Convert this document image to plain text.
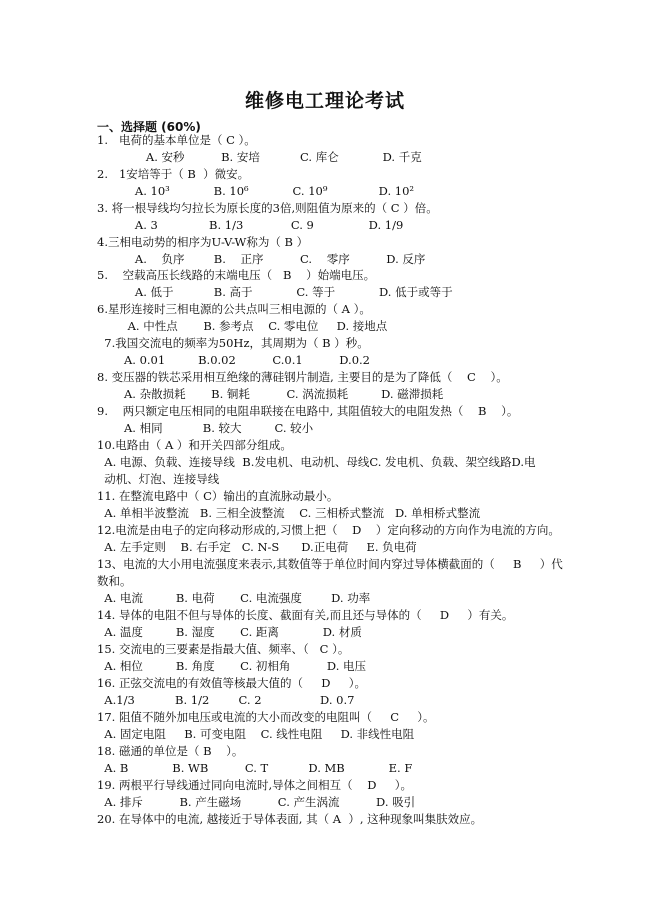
维修电工理论考试
一、选择题 (60%)
1.   电荷的基本单位是（ C ）。
A. 安秒          B. 安培           C. 库仑            D. 千克
2.   1安培等于（ B  ）微安。
A. 10³            B. 10⁶            C. 10⁹              D. 10²
3. 将一根导线均匀拉长为原长度的3倍,则阻值为原来的（ C ）倍。
A. 3              B. 1/3             C. 9               D. 1/9
4.三相电动势的相序为U-V-W称为（ B ）
A.    负序        B.    正序          C.    零序          D. 反序
5.    空载高压长线路的末端电压（   B    ）始端电压。
A. 低于           B. 高于            C. 等于            D. 低于或等于
6.星形连接时三相电源的公共点叫三相电源的（ A ）。
A. 中性点       B. 参考点    C. 零电位     D. 接地点
7.我国交流电的频率为50Hz，其周期为（ B ）秒。
A. 0.01         B.0.02          C.0.1          D.0.2
8. 变压器的铁芯采用相互绝缘的薄硅钢片制造, 主要目的是为了降低（    C    ）。
A. 杂散损耗       B. 铜耗          C. 涡流损耗         D. 磁滞损耗
9.    两只额定电压相同的电阻串联接在电路中, 其阻值较大的电阻发热（    B    ）。
A. 相同           B. 较大         C. 较小
10.电路由（ A ）和开关四部分组成。
A. 电源、负载、连接导线  B.发电机、电动机、母线C. 发电机、负载、架空线路D.电
动机、灯泡、连接导线
11. 在整流电路中（ C）输出的直流脉动最小。
A. 单相半波整流   B. 三相全波整流    C. 三相桥式整流   D. 单相桥式整流
12.电流是由电子的定向移动形成的,习惯上把（    D    ）定向移动的方向作为电流的方向。
A. 左手定则    B. 右手定   C. N-S      D.正电荷     E. 负电荷
13、电流的大小用电流强度来表示,其数值等于单位时间内穿过导体横截面的（     B     ）代
数和。
A. 电流         B. 电荷       C. 电流强度        D. 功率
14. 导体的电阻不但与导体的长度、截面有关,而且还与导体的（     D     ）有关。
A. 温度         B. 湿度       C. 距离            D. 材质
15. 交流电的三要素是指最大值、频率、（   C ）。
A. 相位         B. 角度       C. 初相角          D. 电压
16. 正弦交流电的有效值等核最大值的（     D     ）。
A.1/3           B. 1/2        C. 2                D. 0.7
17. 阻值不随外加电压或电流的大小而改变的电阻叫（     C     ）。
A. 固定电阻     B. 可变电阻    C. 线性电阻     D. 非线性电阻
18. 磁通的单位是（ B    ）。
A. B            B. WB          C. T           D. MB            E. F
19. 两根平行导线通过同向电流时,导体之间相互（    D     ）。
A. 排斥          B. 产生磁场          C. 产生涡流          D. 吸引
20. 在导体中的电流, 越接近于导体表面, 其（ A  ）, 这种现象叫集肤效应。
